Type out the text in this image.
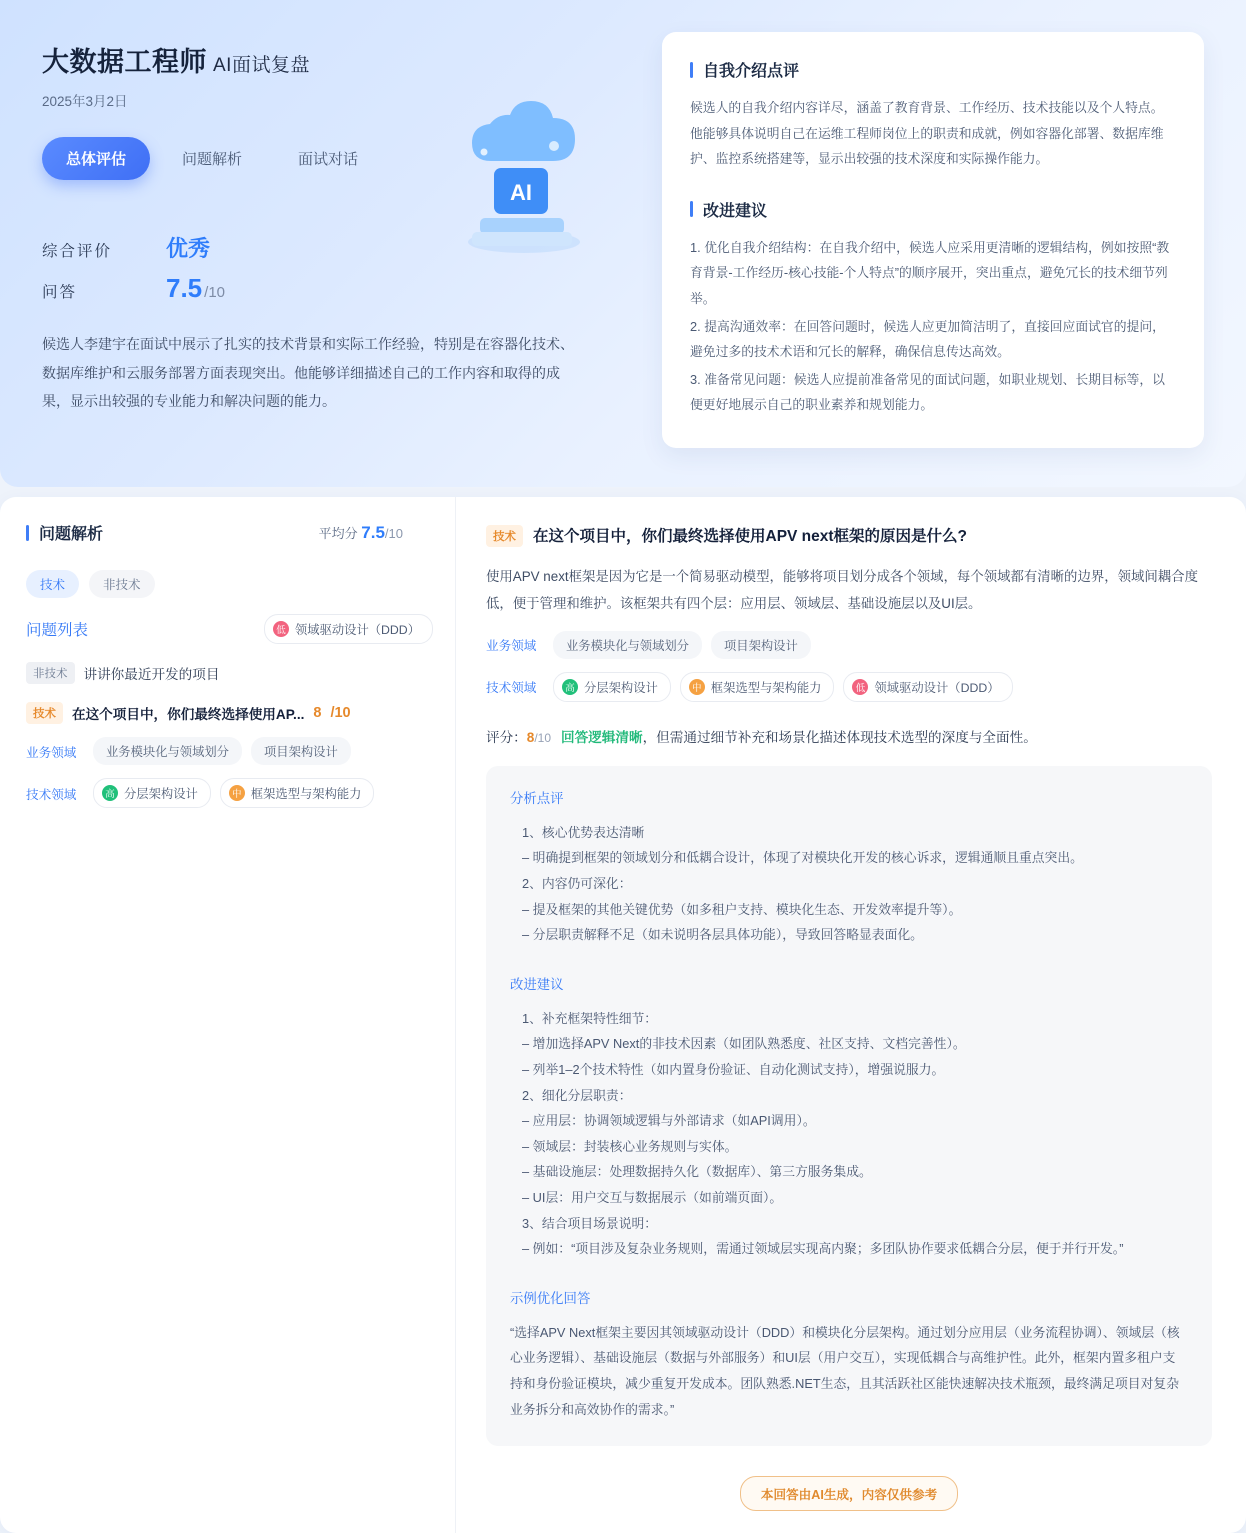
大数据工程师 AI面试复盘
2025年3月2日
总体评估	问题解析	面试对话
综合评价	优秀
问答	7.5 /10
候选人李建宇在面试中展示了扎实的技术背景和实际工作经验，特别是在容器化技术、数据库维护和云服务部署方面表现突出。他能够详细描述自己的工作内容和取得的成果，显示出较强的专业能力和解决问题的能力。
AI
自我介绍点评
候选人的自我介绍内容详尽，涵盖了教育背景、工作经历、技术技能以及个人特点。他能够具体说明自己在运维工程师岗位上的职责和成就，例如容器化部署、数据库维护、监控系统搭建等，显示出较强的技术深度和实际操作能力。
改进建议

1. 优化自我介绍结构：在自我介绍中，候选人应采用更清晰的逻辑结构，例如按照“教育背景-工作经历-核心技能-个人特点”的顺序展开，突出重点，避免冗长的技术细节列举。

2. 提高沟通效率：在回答问题时，候选人应更加简洁明了，直接回应面试官的提问，避免过多的技术术语和冗长的解释，确保信息传达高效。

3. 准备常见问题：候选人应提前准备常见的面试问题，如职业规划、长期目标等，以便更好地展示自己的职业素养和规划能力。

问题解析	平均分 7.5/10
技术	非技术
问题列表	低 领域驱动设计（DDD）
非技术	讲讲你最近开发的项目
技术	在这个项目中，你们最终选择使用AP... 8 /10
业务领域	业务模块化与领域划分	项目架构设计
技术领域	高 分层架构设计	中 框架选型与架构能力
技术	在这个项目中，你们最终选择使用APV next框架的原因是什么?
使用APV next框架是因为它是一个简易驱动模型，能够将项目划分成各个领域，每个领域都有清晰的边界，领域间耦合度低，便于管理和维护。该框架共有四个层：应用层、领域层、基础设施层以及UI层。
业务领域	业务模块化与领域划分	项目架构设计
技术领域	高 分层架构设计	中 框架选型与架构能力	低 领域驱动设计（DDD）
评分：8/10 回答逻辑清晰，但需通过细节补充和场景化描述体现技术选型的深度与全面性。
分析点评
1、核心优势表达清晰
– 明确提到框架的领域划分和低耦合设计，体现了对模块化开发的核心诉求，逻辑通顺且重点突出。
2、内容仍可深化：
– 提及框架的其他关键优势（如多租户支持、模块化生态、开发效率提升等）。
– 分层职责解释不足（如未说明各层具体功能），导致回答略显表面化。
改进建议
1、补充框架特性细节：
– 增加选择APV Next的非技术因素（如团队熟悉度、社区支持、文档完善性）。
– 列举1–2个技术特性（如内置身份验证、自动化测试支持），增强说服力。
2、细化分层职责：
– 应用层：协调领域逻辑与外部请求（如API调用）。
– 领域层：封装核心业务规则与实体。
– 基础设施层：处理数据持久化（数据库）、第三方服务集成。
– UI层：用户交互与数据展示（如前端页面）。
3、结合项目场景说明：
– 例如：“项目涉及复杂业务规则，需通过领域层实现高内聚；多团队协作要求低耦合分层，便于并行开发。”
示例优化回答
“选择APV Next框架主要因其领域驱动设计（DDD）和模块化分层架构。通过划分应用层（业务流程协调）、领域层（核心业务逻辑）、基础设施层（数据与外部服务）和UI层（用户交互），实现低耦合与高维护性。此外，框架内置多租户支持和身份验证模块，减少重复开发成本。团队熟悉.NET生态，且其活跃社区能快速解决技术瓶颈，最终满足项目对复杂业务拆分和高效协作的需求。”
本回答由AI生成，内容仅供参考
